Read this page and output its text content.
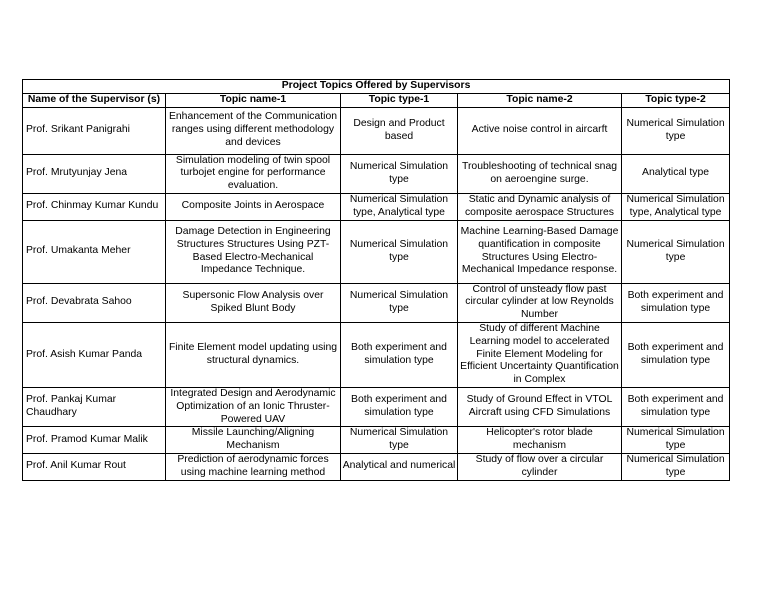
Project Topics Offered by Supervisors				
Name of the Supervisor (s)	Topic name-1	Topic type-1	Topic name-2	Topic type-2
Prof. Srikant Panigrahi	Enhancement of the Communication ranges using different methodology and devices	Design and Product based	Active noise control in aircarft	Numerical Simulation type
Prof. Mrutyunjay Jena	Simulation modeling of twin spool turbojet engine for performance evaluation.	Numerical Simulation type	Troubleshooting of technical snag on aeroengine surge.	Analytical type
Prof. Chinmay Kumar Kundu	Composite Joints in Aerospace	Numerical Simulation type, Analytical type	Static and Dynamic analysis of composite aerospace Structures	Numerical Simulation type, Analytical type
Prof. Umakanta Meher	Damage Detection in Engineering Structures Structures Using PZT-Based Electro-Mechanical Impedance Technique.	Numerical Simulation type	Machine Learning-Based Damage quantification in composite Structures Using Electro-Mechanical Impedance response.	Numerical Simulation type
Prof. Devabrata Sahoo	Supersonic Flow Analysis over Spiked Blunt Body	Numerical Simulation type	Control of unsteady flow past circular cylinder at low Reynolds Number	Both experiment and simulation type
Prof. Asish Kumar Panda	Finite Element model updating using structural dynamics.	Both experiment and simulation type	Study of different Machine Learning model to accelerated Finite Element Modeling for Efficient Uncertainty Quantification in Complex	Both experiment and simulation type
Prof. Pankaj Kumar Chaudhary	Integrated Design and Aerodynamic Optimization of an Ionic Thruster-Powered UAV	Both experiment and simulation type	Study of Ground Effect in VTOL Aircraft using CFD Simulations	Both experiment and simulation type
Prof. Pramod Kumar Malik	Missile Launching/Aligning Mechanism	Numerical Simulation type	Helicopter's rotor blade mechanism	Numerical Simulation type
Prof. Anil Kumar Rout	Prediction of aerodynamic forces using machine learning method	Analytical and numerical	Study of flow over a circular cylinder	Numerical Simulation type
